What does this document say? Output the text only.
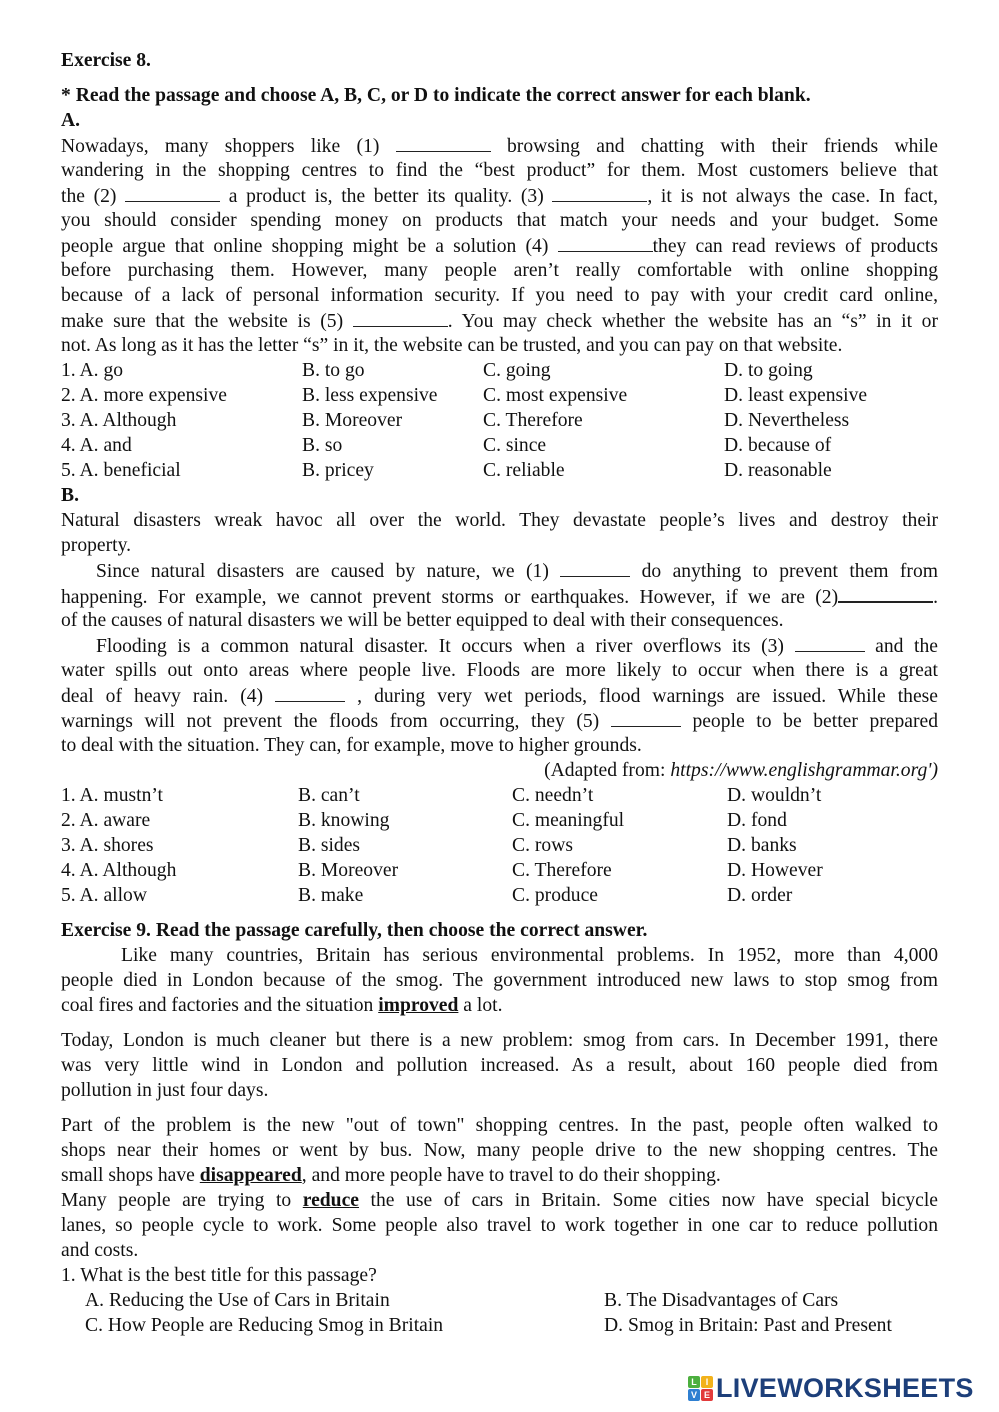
Exercise 8.
* Read the passage and choose A, B, C, or D to indicate the correct answer for each blank.
A.
Nowadays, many shoppers like (1)	browsing and chatting with their friends while
wandering in the shopping centres to find the “best product” for them. Most customers believe that
the (2)	a product is, the better its quality. (3)	, it is not always the case. In fact,
you should consider spending money on products that match your needs and your budget. Some
people argue that online shopping might be a solution (4)	they can read reviews of products
before purchasing them. However, many people aren’t really comfortable with online shopping
because of a lack of personal information security. If you need to pay with your credit card online,
make sure that the website is (5)	. You may check whether the website has an “s” in it or
not. As long as it has the letter “s” in it, the website can be trusted, and you can pay on that website.
1. A. go	B. to go	C. going	D. to going
2. A. more expensive	B. less expensive	C. most expensive	D. least expensive
3. A. Although	B. Moreover	C. Therefore	D. Nevertheless
4. A. and	B. so	C. since	D. because of
5. A. beneficial	B. pricey	C. reliable	D. reasonable
B.
Natural disasters wreak havoc all over the world. They devastate people’s lives and destroy their
property.
Since natural disasters are caused by nature, we (1)	do anything to prevent them from
happening. For example, we cannot prevent storms or earthquakes. However, if we are (2)	.
of the causes of natural disasters we will be better equipped to deal with their consequences.
Flooding is a common natural disaster. It occurs when a river overflows its (3)	and the
water spills out onto areas where people live. Floods are more likely to occur when there is a great
deal of heavy rain. (4)	, during very wet periods, flood warnings are issued. While these
warnings will not prevent the floods from occurring, they (5)	people to be better prepared
to deal with the situation. They can, for example, move to higher grounds.
(Adapted from: https://www.englishgrammar.org')
1. A. mustn’t	B. can’t	C. needn’t	D. wouldn’t
2. A. aware	B. knowing	C. meaningful	D. fond
3. A. shores	B. sides	C. rows	D. banks
4. A. Although	B. Moreover	C. Therefore	D. However
5. A. allow	B. make	C. produce	D. order
Exercise 9. Read the passage carefully, then choose the correct answer.
Like many countries, Britain has serious environmental problems. In 1952, more than 4,000
people died in London because of the smog. The government introduced new laws to stop smog from
coal fires and factories and the situation improved a lot.
Today, London is much cleaner but there is a new problem: smog from cars. In December 1991, there
was very little wind in London and pollution increased. As a result, about 160 people died from
pollution in just four days.
Part of the problem is the new "out of town" shopping centres. In the past, people often walked to
shops near their homes or went by bus. Now, many people drive to the new shopping centres. The
small shops have disappeared, and more people have to travel to do their shopping.
Many people are trying to reduce the use of cars in Britain. Some cities now have special bicycle
lanes, so people cycle to work. Some people also travel to work together in one car to reduce pollution
and costs.
1. What is the best title for this passage?
A. Reducing the Use of Cars in Britain	B. The Disadvantages of Cars
C. How People are Reducing Smog in Britain	D. Smog in Britain: Past and Present
L I
V E LIVEWORKSHEETS
